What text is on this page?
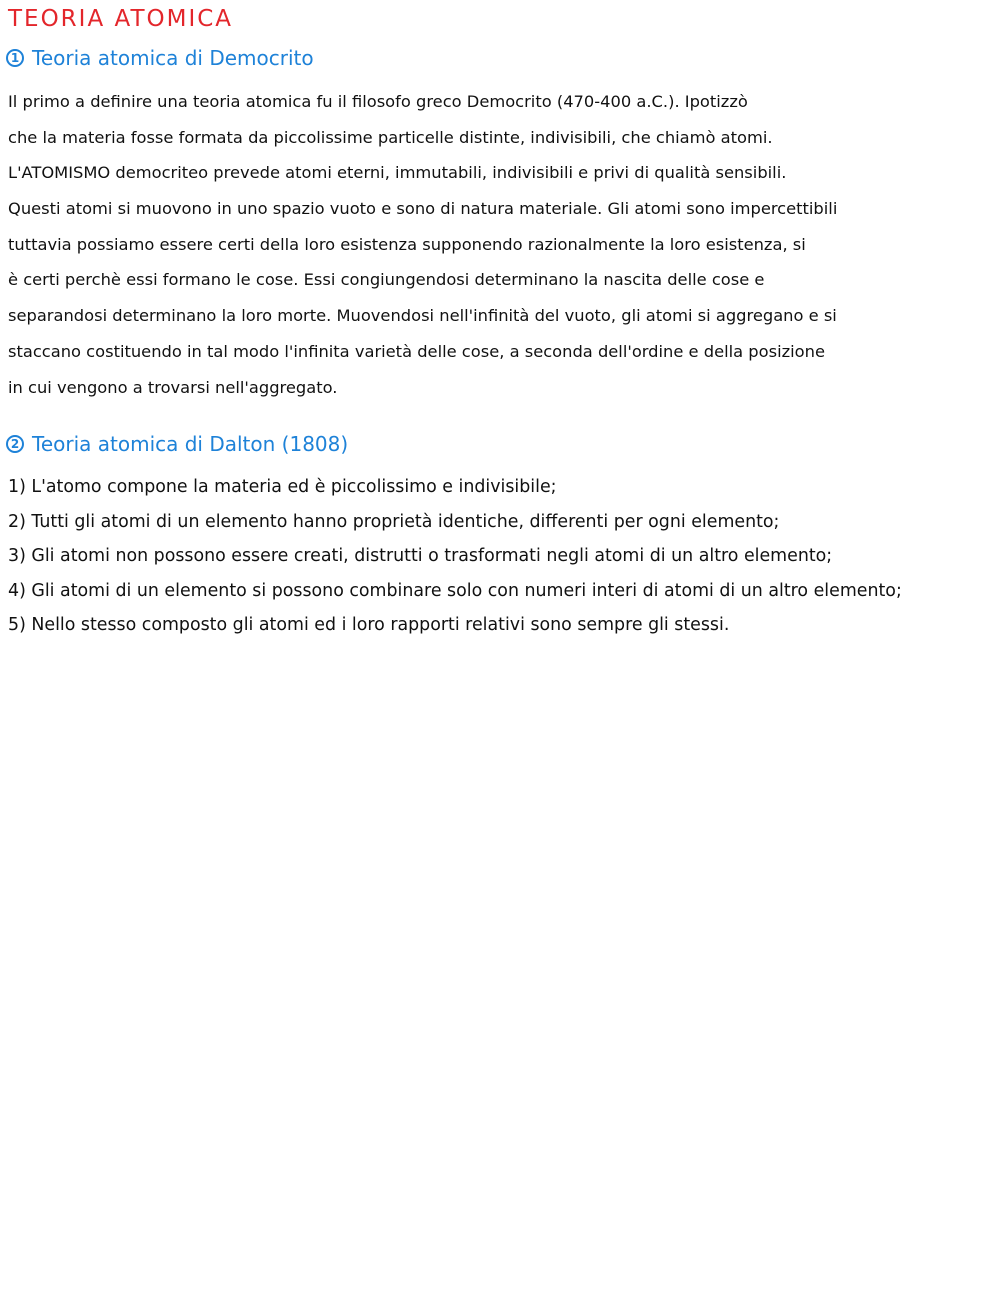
TEORIA ATOMICA
1 Teoria atomica di Democrito
Il primo a definire una teoria atomica fu il filosofo greco Democrito (470-400 a.C.). Ipotizzò
che la materia fosse formata da piccolissime particelle distinte, indivisibili, che chiamò atomi.
L'ATOMISMO democriteo prevede atomi eterni, immutabili, indivisibili e privi di qualità sensibili.
Questi atomi si muovono in uno spazio vuoto e sono di natura materiale. Gli atomi sono impercettibili
tuttavia possiamo essere certi della loro esistenza supponendo razionalmente la loro esistenza, si
è certi perchè essi formano le cose. Essi congiungendosi determinano la nascita delle cose e
separandosi determinano la loro morte. Muovendosi nell'infinità del vuoto, gli atomi si aggregano e si
staccano costituendo in tal modo l'infinita varietà delle cose, a seconda dell'ordine e della posizione
in cui vengono a trovarsi nell'aggregato.
2 Teoria atomica di Dalton (1808)
1) L'atomo compone la materia ed è piccolissimo e indivisibile;
2) Tutti gli atomi di un elemento hanno proprietà identiche, differenti per ogni elemento;
3) Gli atomi non possono essere creati, distrutti o trasformati negli atomi di un altro elemento;
4) Gli atomi di un elemento si possono combinare solo con numeri interi di atomi di un altro elemento;
5) Nello stesso composto gli atomi ed i loro rapporti relativi sono sempre gli stessi.
